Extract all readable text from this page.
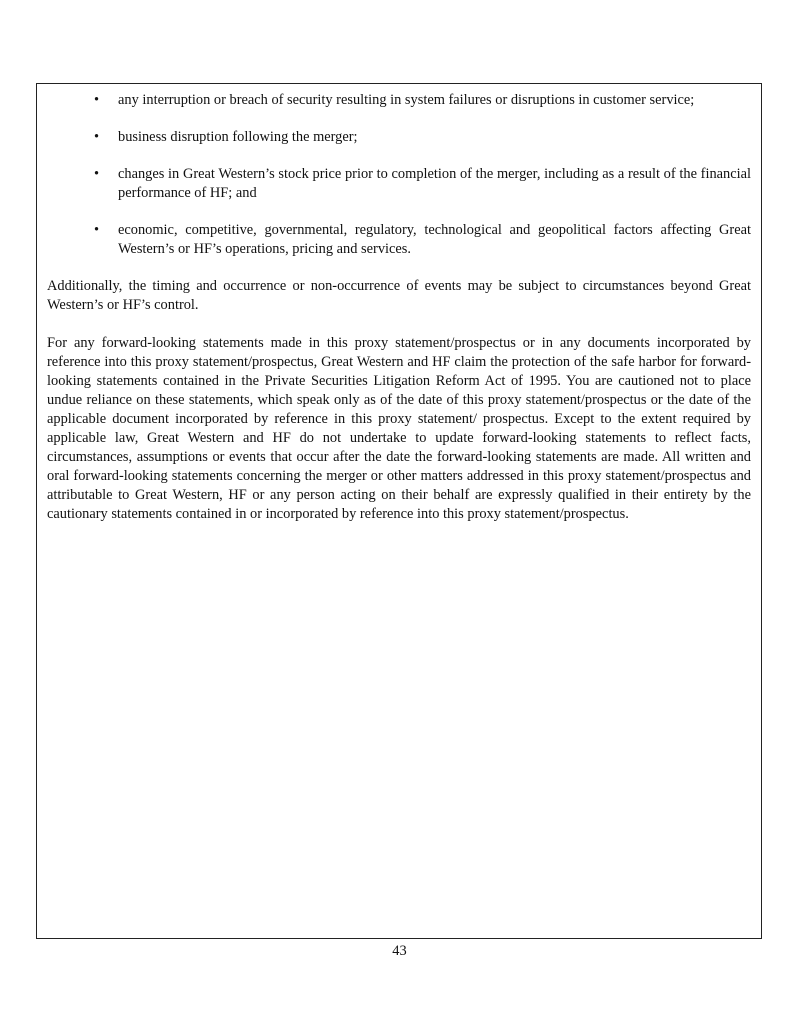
• any interruption or breach of security resulting in system failures or disruptions in customer service;
• business disruption following the merger;
• changes in Great Western’s stock price prior to completion of the merger, including as a result of the financial performance of HF; and
• economic, competitive, governmental, regulatory, technological and geopolitical factors affecting Great Western’s or HF’s operations, pricing and services.

Additionally, the timing and occurrence or non-occurrence of events may be subject to circumstances beyond Great Western’s or HF’s control.

For any forward-looking statements made in this proxy statement/prospectus or in any documents incorporated by reference into this proxy statement/prospectus, Great Western and HF claim the protection of the safe harbor for forward-looking statements contained in the Private Securities Litigation Reform Act of 1995. You are cautioned not to place undue reliance on these statements, which speak only as of the date of this proxy statement/prospectus or the date of the applicable document incorporated by reference in this proxy statement/ prospectus. Except to the extent required by applicable law, Great Western and HF do not undertake to update forward-looking statements to reflect facts, circumstances, assumptions or events that occur after the date the forward-looking statements are made. All written and oral forward-looking statements concerning the merger or other matters addressed in this proxy statement/prospectus and attributable to Great Western, HF or any person acting on their behalf are expressly qualified in their entirety by the cautionary statements contained in or incorporated by reference into this proxy statement/prospectus.

43
